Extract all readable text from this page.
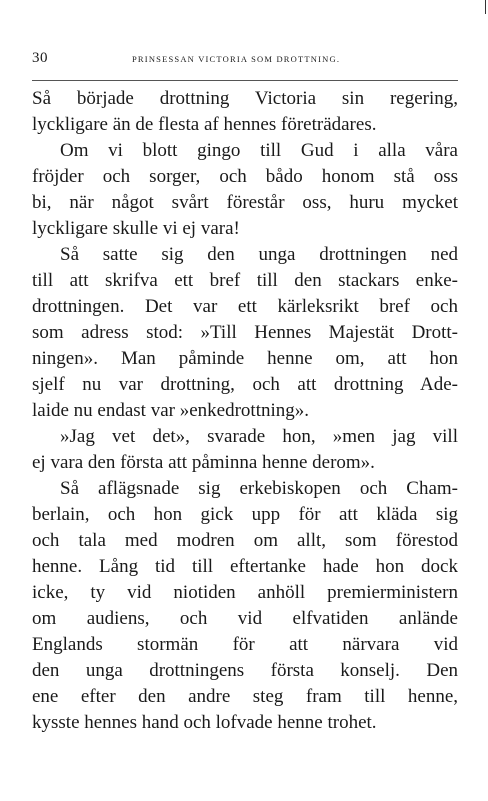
30	PRINSESSAN VICTORIA SOM DROTTNING.
Så började drottning Victoria sin regering,
lyckligare än de flesta af hennes företrädares.
Om vi blott gingo till Gud i alla våra
fröjder och sorger, och bådo honom stå oss
bi, när något svårt förestår oss, huru mycket
lyckligare skulle vi ej vara!
Så satte sig den unga drottningen ned
till att skrifva ett bref till den stackars enke-
drottningen. Det var ett kärleksrikt bref och
som adress stod: »Till Hennes Majestät Drott-
ningen». Man påminde henne om, att hon
sjelf nu var drottning, och att drottning Ade-
laide nu endast var »enkedrottning».
»Jag vet det», svarade hon, »men jag vill
ej vara den första att påminna henne derom».
Så aflägsnade sig erkebiskopen och Cham-
berlain, och hon gick upp för att kläda sig
och tala med modren om allt, som förestod
henne. Lång tid till eftertanke hade hon dock
icke, ty vid niotiden anhöll premierministern
om audiens, och vid elfvatiden anlände
Englands stormän för att närvara vid
den unga drottningens första konselj. Den
ene efter den andre steg fram till henne,
kysste hennes hand och lofvade henne trohet.
